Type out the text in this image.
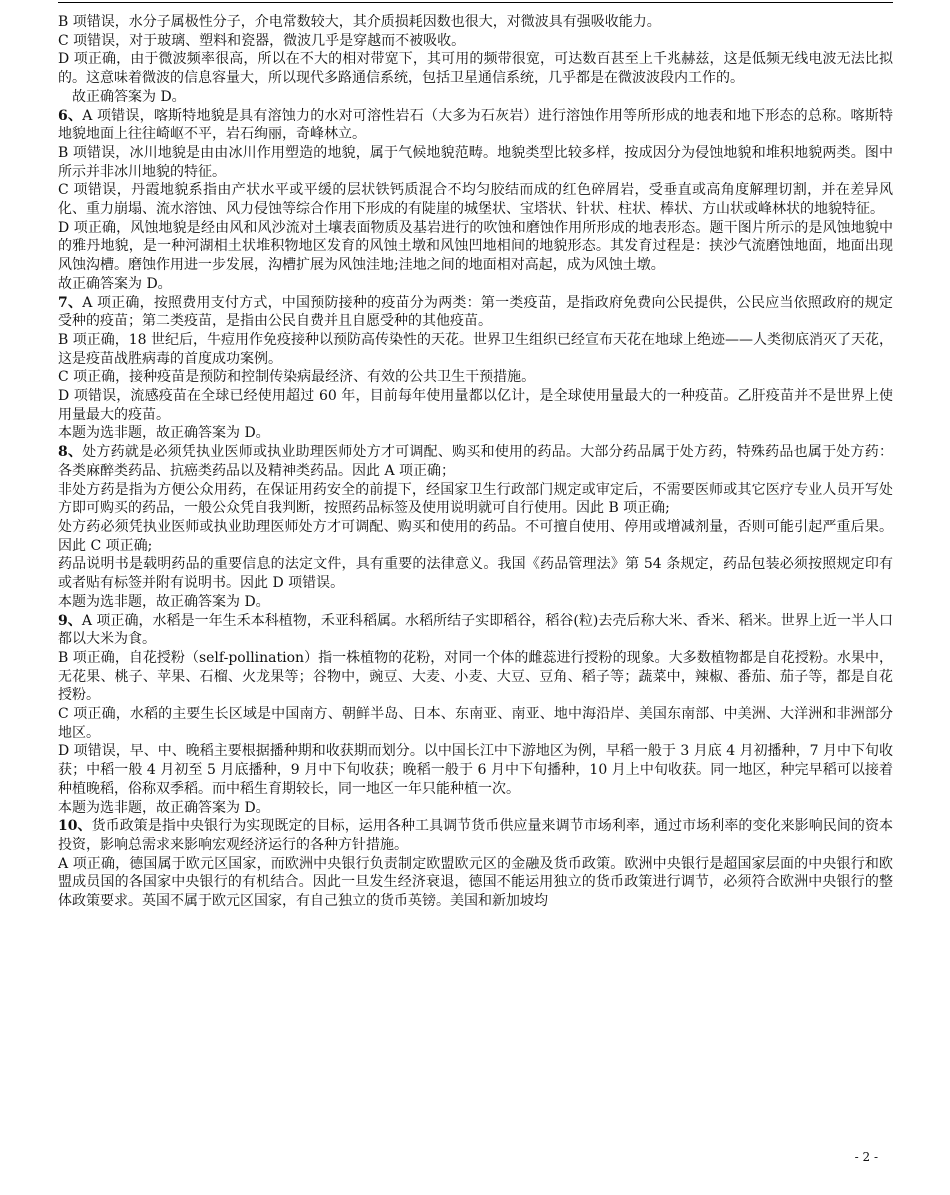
B 项错误，水分子属极性分子，介电常数较大，其介质损耗因数也很大，对微波具有强吸收能力。

C 项错误，对于玻璃、塑料和瓷器，微波几乎是穿越而不被吸收。

D 项正确，由于微波频率很高，所以在不大的相对带宽下，其可用的频带很宽，可达数百甚至上千兆赫兹，这是低频无线电波无法比拟的。这意味着微波的信息容量大，所以现代多路通信系统，包括卫星通信系统，几乎都是在微波波段内工作的。

故正确答案为 D。

6、A 项错误，喀斯特地貌是具有溶蚀力的水对可溶性岩石（大多为石灰岩）进行溶蚀作用等所形成的地表和地下形态的总称。喀斯特地貌地面上往往崎岖不平，岩石绚丽，奇峰林立。

B 项错误，冰川地貌是由由冰川作用塑造的地貌，属于气候地貌范畴。地貌类型比较多样，按成因分为侵蚀地貌和堆积地貌两类。图中所示并非冰川地貌的特征。

C 项错误，丹霞地貌系指由产状水平或平缓的层状铁钙质混合不均匀胶结而成的红色碎屑岩，受垂直或高角度解理切割，并在差异风化、重力崩塌、流水溶蚀、风力侵蚀等综合作用下形成的有陡崖的城堡状、宝塔状、针状、柱状、棒状、方山状或峰林状的地貌特征。

D 项正确，风蚀地貌是经由风和风沙流对土壤表面物质及基岩进行的吹蚀和磨蚀作用所形成的地表形态。题干图片所示的是风蚀地貌中的雅丹地貌，是一种河湖相土状堆积物地区发育的风蚀土墩和风蚀凹地相间的地貌形态。其发育过程是：挟沙气流磨蚀地面，地面出现风蚀沟槽。磨蚀作用进一步发展，沟槽扩展为风蚀洼地;洼地之间的地面相对高起，成为风蚀土墩。

故正确答案为 D。

7、A 项正确，按照费用支付方式，中国预防接种的疫苗分为两类：第一类疫苗，是指政府免费向公民提供，公民应当依照政府的规定受种的疫苗；第二类疫苗，是指由公民自费并且自愿受种的其他疫苗。

B 项正确，18 世纪后，牛痘用作免疫接种以预防高传染性的天花。世界卫生组织已经宣布天花在地球上绝迹——人类彻底消灭了天花，这是疫苗战胜病毒的首度成功案例。

C 项正确，接种疫苗是预防和控制传染病最经济、有效的公共卫生干预措施。

D 项错误，流感疫苗在全球已经使用超过 60 年，目前每年使用量都以亿计，是全球使用量最大的一种疫苗。乙肝疫苗并不是世界上使用量最大的疫苗。

本题为选非题，故正确答案为 D。

8、处方药就是必须凭执业医师或执业助理医师处方才可调配、购买和使用的药品。大部分药品属于处方药，特殊药品也属于处方药：各类麻醉类药品、抗癌类药品以及精神类药品。因此 A 项正确；

非处方药是指为方便公众用药，在保证用药安全的前提下，经国家卫生行政部门规定或审定后，不需要医师或其它医疗专业人员开写处方即可购买的药品，一般公众凭自我判断，按照药品标签及使用说明就可自行使用。因此 B 项正确;

处方药必须凭执业医师或执业助理医师处方才可调配、购买和使用的药品。不可擅自使用、停用或增减剂量，否则可能引起严重后果。因此 C 项正确;

药品说明书是载明药品的重要信息的法定文件，具有重要的法律意义。我国《药品管理法》第 54 条规定，药品包装必须按照规定印有或者贴有标签并附有说明书。因此 D 项错误。

本题为选非题，故正确答案为 D。

9、A 项正确，水稻是一年生禾本科植物，禾亚科稻属。水稻所结子实即稻谷，稻谷(粒)去壳后称大米、香米、稻米。世界上近一半人口都以大米为食。

B 项正确，自花授粉（self-pollination）指一株植物的花粉，对同一个体的雌蕊进行授粉的现象。大多数植物都是自花授粉。水果中，无花果、桃子、苹果、石榴、火龙果等；谷物中，豌豆、大麦、小麦、大豆、豆角、稻子等；蔬菜中，辣椒、番茄、茄子等，都是自花授粉。

C 项正确，水稻的主要生长区域是中国南方、朝鲜半岛、日本、东南亚、南亚、地中海沿岸、美国东南部、中美洲、大洋洲和非洲部分地区。

D 项错误，早、中、晚稻主要根据播种期和收获期而划分。以中国长江中下游地区为例，早稻一般于 3 月底 4 月初播种，7 月中下旬收获；中稻一般 4 月初至 5 月底播种，9 月中下旬收获；晚稻一般于 6 月中下旬播种，10 月上中旬收获。同一地区，种完早稻可以接着种植晚稻，俗称双季稻。而中稻生育期较长，同一地区一年只能种植一次。

本题为选非题，故正确答案为 D。

10、货币政策是指中央银行为实现既定的目标，运用各种工具调节货币供应量来调节市场利率，通过市场利率的变化来影响民间的资本投资，影响总需求来影响宏观经济运行的各种方针措施。

A 项正确，德国属于欧元区国家，而欧洲中央银行负责制定欧盟欧元区的金融及货币政策。欧洲中央银行是超国家层面的中央银行和欧盟成员国的各国家中央银行的有机结合。因此一旦发生经济衰退，德国不能运用独立的货币政策进行调节，必须符合欧洲中央银行的整体政策要求。英国不属于欧元区国家，有自己独立的货币英镑。美国和新加坡均

- 2 -
